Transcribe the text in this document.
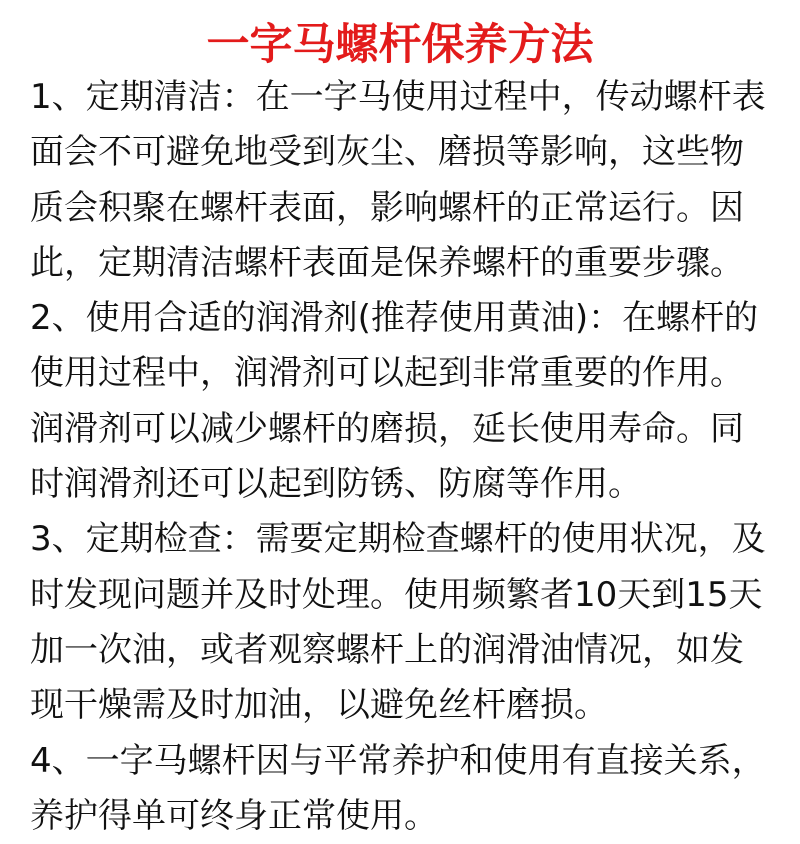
一字马螺杆保养方法
1、定期清洁：在一字马使用过程中，传动螺杆表
面会不可避免地受到灰尘、磨损等影响，这些物
质会积聚在螺杆表面，影响螺杆的正常运行。因
此，定期清洁螺杆表面是保养螺杆的重要步骤。
2、使用合适的润滑剂(推荐使用黄油)：在螺杆的
使用过程中，润滑剂可以起到非常重要的作用。
润滑剂可以减少螺杆的磨损，延长使用寿命。同
时润滑剂还可以起到防锈、防腐等作用。
3、定期检查：需要定期检查螺杆的使用状况，及
时发现问题并及时处理。使用频繁者10天到15天
加一次油，或者观察螺杆上的润滑油情况，如发
现干燥需及时加油，以避免丝杆磨损。
4、一字马螺杆因与平常养护和使用有直接关系，
养护得单可终身正常使用。
